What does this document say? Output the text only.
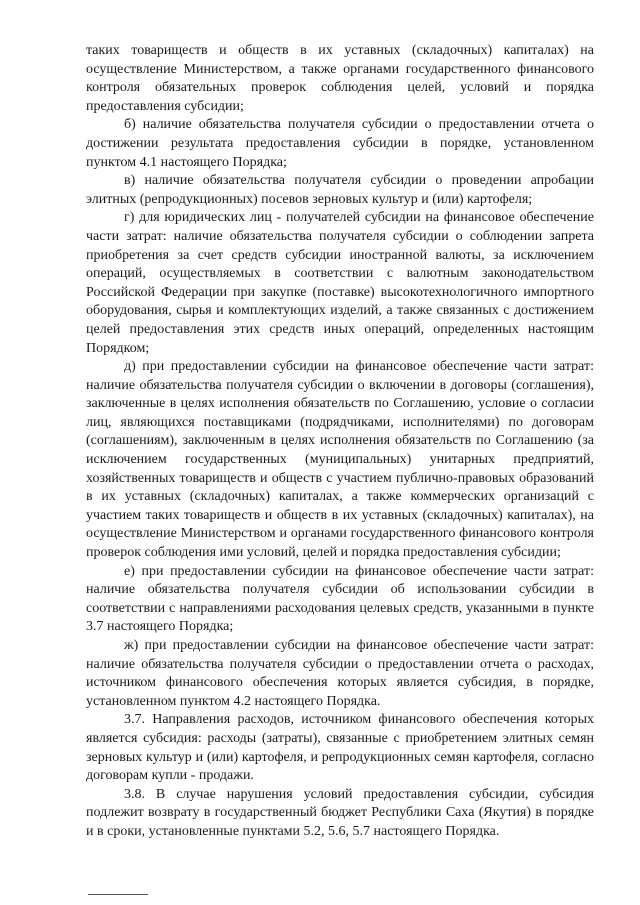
таких товариществ и обществ в их уставных (складочных) капиталах) на осуществление Министерством, а также органами государственного финансового контроля обязательных проверок соблюдения целей, условий и порядка предоставления субсидии;

б) наличие обязательства получателя субсидии о предоставлении отчета о достижении результата предоставления субсидии в порядке, установленном пунктом 4.1 настоящего Порядка;

в) наличие обязательства получателя субсидии о проведении апробации элитных (репродукционных) посевов зерновых культур и (или) картофеля;

г) для юридических лиц - получателей субсидии на финансовое обеспечение части затрат: наличие обязательства получателя субсидии о соблюдении запрета приобретения за счет средств субсидии иностранной валюты, за исключением операций, осуществляемых в соответствии с валютным законодательством Российской Федерации при закупке (поставке) высокотехнологичного импортного оборудования, сырья и комплектующих изделий, а также связанных с достижением целей предоставления этих средств иных операций, определенных настоящим Порядком;

д) при предоставлении субсидии на финансовое обеспечение части затрат: наличие обязательства получателя субсидии о включении в договоры (соглашения), заключенные в целях исполнения обязательств по Соглашению, условие о согласии лиц, являющихся поставщиками (подрядчиками, исполнителями) по договорам (соглашениям), заключенным в целях исполнения обязательств по Соглашению (за исключением государственных (муниципальных) унитарных предприятий, хозяйственных товариществ и обществ с участием публично-правовых образований в их уставных (складочных) капиталах, а также коммерческих организаций с участием таких товариществ и обществ в их уставных (складочных) капиталах), на осуществление Министерством и органами государственного финансового контроля проверок соблюдения ими условий, целей и порядка предоставления субсидии;

е) при предоставлении субсидии на финансовое обеспечение части затрат: наличие обязательства получателя субсидии об использовании субсидии в соответствии с направлениями расходования целевых средств, указанными в пункте 3.7 настоящего Порядка;

ж) при предоставлении субсидии на финансовое обеспечение части затрат: наличие обязательства получателя субсидии о предоставлении отчета о расходах, источником финансового обеспечения которых является субсидия, в порядке, установленном пунктом 4.2 настоящего Порядка.

3.7. Направления расходов, источником финансового обеспечения которых является субсидия: расходы (затраты), связанные с приобретением элитных семян зерновых культур и (или) картофеля, и репродукционных семян картофеля, согласно договорам купли - продажи.

3.8. В случае нарушения условий предоставления субсидии, субсидия подлежит возврату в государственный бюджет Республики Саха (Якутия) в порядке и в сроки, установленные пунктами 5.2, 5.6, 5.7 настоящего Порядка.
